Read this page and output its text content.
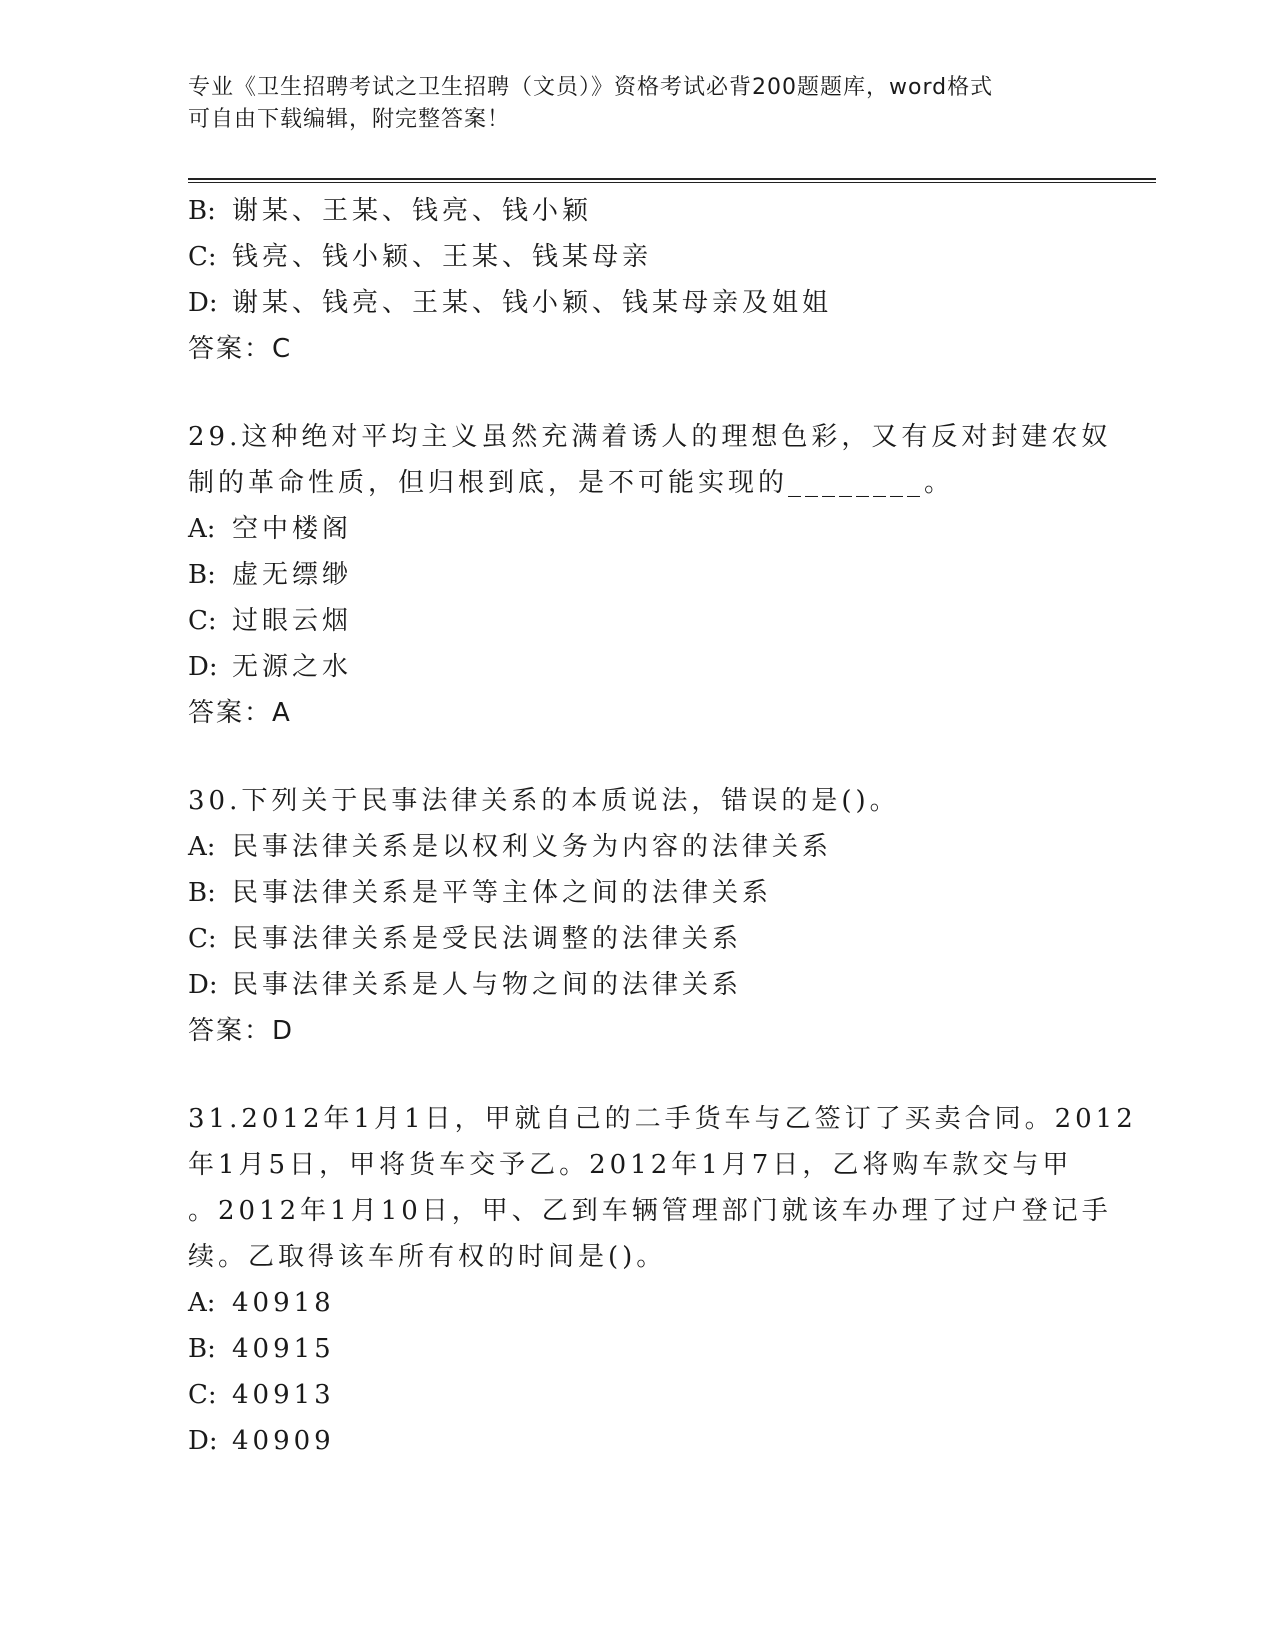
专业《卫生招聘考试之卫生招聘（文员）》资格考试必背200题题库，word格式
可自由下载编辑，附完整答案！
B: 谢某、王某、钱亮、钱小颖
C: 钱亮、钱小颖、王某、钱某母亲
D: 谢某、钱亮、王某、钱小颖、钱某母亲及姐姐
答案：C
29.这种绝对平均主义虽然充满着诱人的理想色彩，又有反对封建农奴
制的革命性质，但归根到底，是不可能实现的________。
A: 空中楼阁
B: 虚无缥缈
C: 过眼云烟
D: 无源之水
答案：A
30.下列关于民事法律关系的本质说法，错误的是()。
A: 民事法律关系是以权利义务为内容的法律关系
B: 民事法律关系是平等主体之间的法律关系
C: 民事法律关系是受民法调整的法律关系
D: 民事法律关系是人与物之间的法律关系
答案：D
31.2012年1月1日，甲就自己的二手货车与乙签订了买卖合同。2012
年1月5日，甲将货车交予乙。2012年1月7日，乙将购车款交与甲
。2012年1月10日，甲、乙到车辆管理部门就该车办理了过户登记手
续。乙取得该车所有权的时间是()。
A: 40918
B: 40915
C: 40913
D: 40909
